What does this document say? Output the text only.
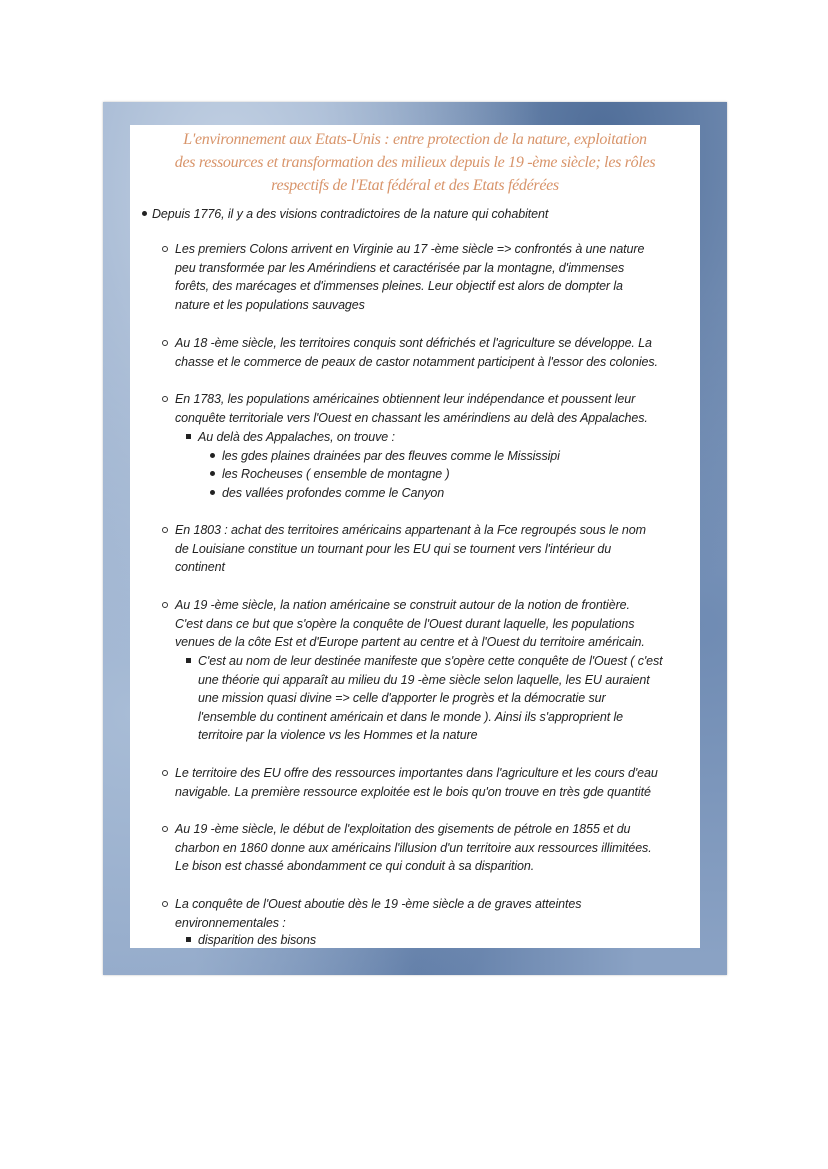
L'environnement aux Etats-Unis : entre protection de la nature, exploitation
des ressources et transformation des milieux depuis le 19 -ème siècle; les rôles
respectifs de l'Etat fédéral et des Etats fédérées
Depuis 1776, il y a des visions contradictoires de la nature qui cohabitent
Les premiers Colons arrivent en Virginie au 17 -ème siècle => confrontés à une nature
peu transformée par les Amérindiens et caractérisée par la montagne, d'immenses
forêts, des marécages et d'immenses pleines. Leur objectif est alors de dompter la
nature et les populations sauvages
Au 18 -ème siècle, les territoires conquis sont défrichés et l'agriculture se développe. La
chasse et le commerce de peaux de castor notamment participent à l'essor des colonies.
En 1783, les populations américaines obtiennent leur indépendance et poussent leur
conquête territoriale vers l'Ouest en chassant les amérindiens au delà des Appalaches.
Au delà des Appalaches, on trouve :
les gdes plaines drainées par des fleuves comme le Mississipi
les Rocheuses ( ensemble de montagne )
des vallées profondes comme le Canyon
En 1803 : achat des territoires américains appartenant à la Fce regroupés sous le nom
de Louisiane constitue un tournant pour les EU qui se tournent vers l'intérieur du
continent
Au 19 -ème siècle, la nation américaine se construit autour de la notion de frontière.
C'est dans ce but que s'opère la conquête de l'Ouest durant laquelle, les populations
venues de la côte Est et d'Europe partent au centre et à l'Ouest du territoire américain.
C'est au nom de leur destinée manifeste que s'opère cette conquête de l'Ouest ( c'est
une théorie qui apparaît au milieu du 19 -ème siècle selon laquelle, les EU auraient
une mission quasi divine => celle d'apporter le progrès et la démocratie sur
l'ensemble du continent américain et dans le monde ). Ainsi ils s'approprient le
territoire par la violence vs les Hommes et la nature
Le territoire des EU offre des ressources importantes dans l'agriculture et les cours d'eau
navigable. La première ressource exploitée est le bois qu'on trouve en très gde quantité
Au 19 -ème siècle, le début de l'exploitation des gisements de pétrole en 1855 et du
charbon en 1860 donne aux américains l'illusion d'un territoire aux ressources illimitées.
Le bison est chassé abondamment ce qui conduit à sa disparition.
La conquête de l'Ouest aboutie dès le 19 -ème siècle a de graves atteintes
environnementales :
disparition des bisons
